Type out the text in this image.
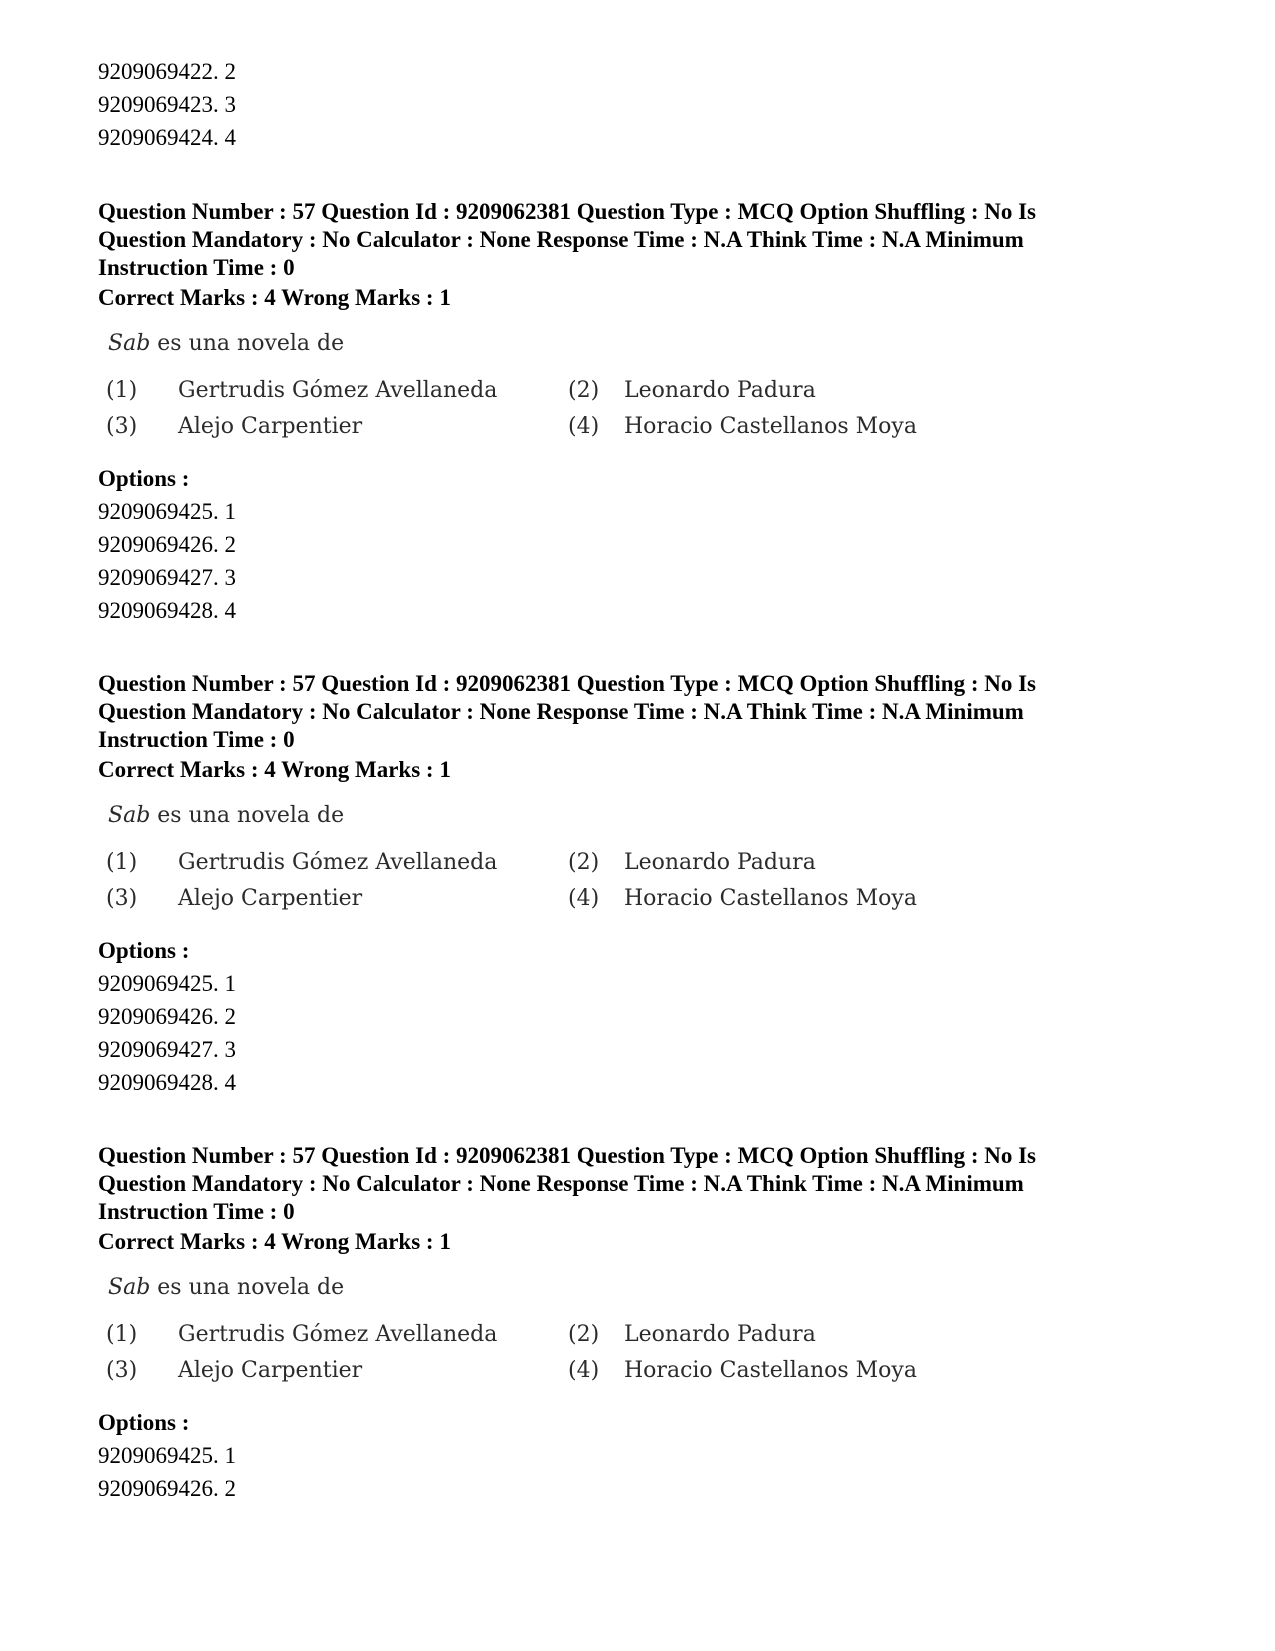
9209069422. 2
9209069423. 3
9209069424. 4
Question Number : 57 Question Id : 9209062381 Question Type : MCQ Option Shuffling : No Is
Question Mandatory : No Calculator : None Response Time : N.A Think Time : N.A Minimum
Instruction Time : 0
Correct Marks : 4 Wrong Marks : 1
Sab es una novela de
(1) Gertrudis Gómez Avellaneda	(2) Leonardo Padura
(3) Alejo Carpentier	(4) Horacio Castellanos Moya
Options :
9209069425. 1
9209069426. 2
9209069427. 3
9209069428. 4
Question Number : 57 Question Id : 9209062381 Question Type : MCQ Option Shuffling : No Is
Question Mandatory : No Calculator : None Response Time : N.A Think Time : N.A Minimum
Instruction Time : 0
Correct Marks : 4 Wrong Marks : 1
Sab es una novela de
(1) Gertrudis Gómez Avellaneda	(2) Leonardo Padura
(3) Alejo Carpentier	(4) Horacio Castellanos Moya
Options :
9209069425. 1
9209069426. 2
9209069427. 3
9209069428. 4
Question Number : 57 Question Id : 9209062381 Question Type : MCQ Option Shuffling : No Is
Question Mandatory : No Calculator : None Response Time : N.A Think Time : N.A Minimum
Instruction Time : 0
Correct Marks : 4 Wrong Marks : 1
Sab es una novela de
(1) Gertrudis Gómez Avellaneda	(2) Leonardo Padura
(3) Alejo Carpentier	(4) Horacio Castellanos Moya
Options :
9209069425. 1
9209069426. 2
